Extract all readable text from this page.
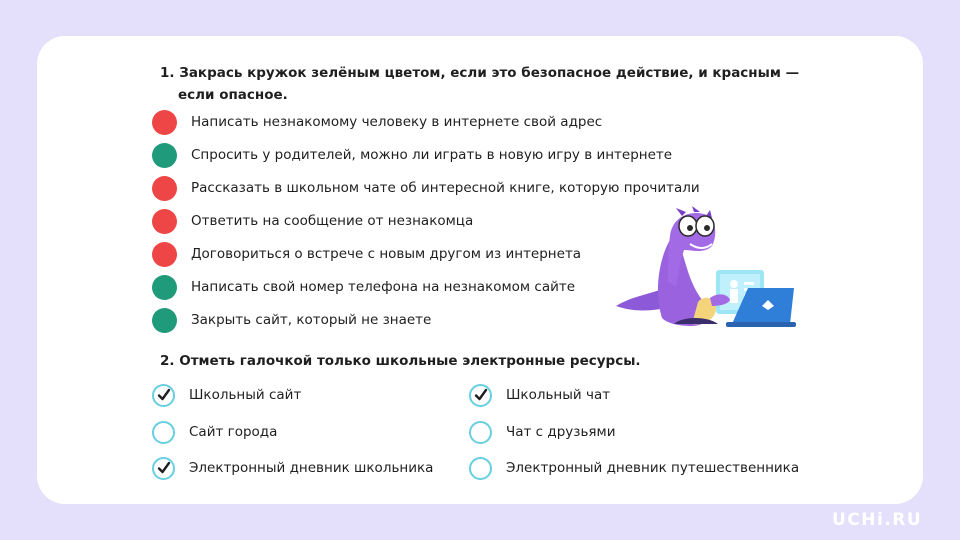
1. Закрась кружок зелёным цветом, если это безопасное действие, и красным —
если опасное.
Написать незнакомому человеку в интернете свой адрес
Спросить у родителей, можно ли играть в новую игру в интернете
Рассказать в школьном чате об интересной книге, которую прочитали
Ответить на сообщение от незнакомца
Договориться о встрече с новым другом из интернета
Написать свой номер телефона на незнакомом сайте
Закрыть сайт, который не знаете
2. Отметь галочкой только школьные электронные ресурсы.
Школьный сайт
Сайт города
Электронный дневник школьника
Школьный чат
Чат с друзьями
Электронный дневник путешественника
UCHi.RU
